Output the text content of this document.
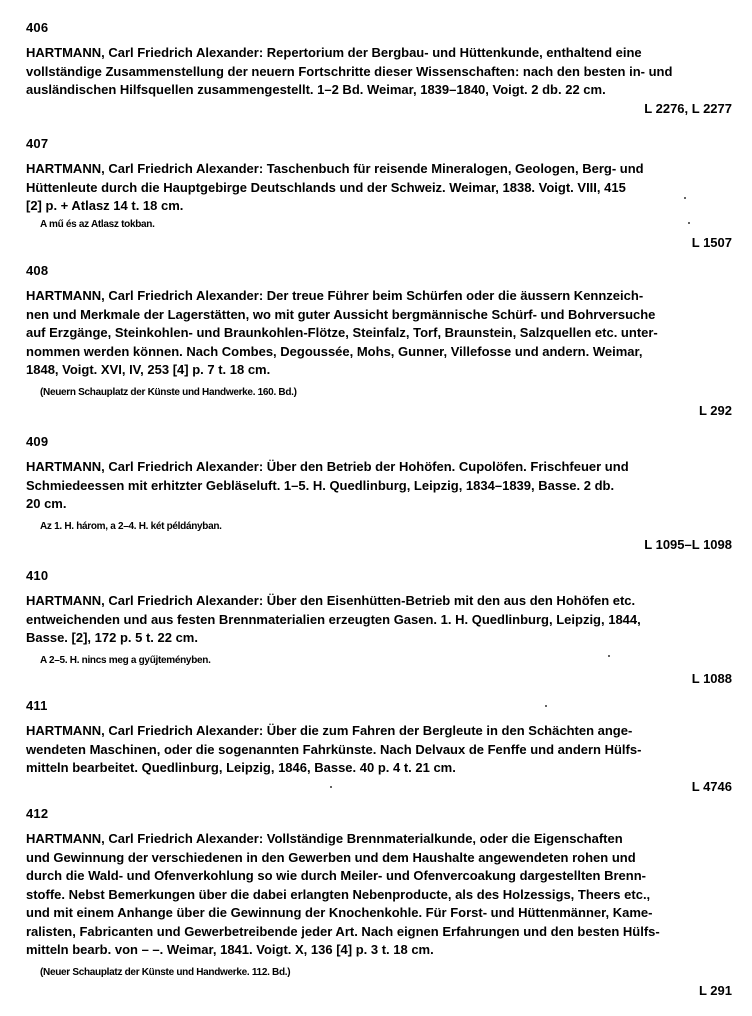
406
HARTMANN, Carl Friedrich Alexander: Repertorium der Bergbau- und Hüttenkunde, enthaltend eine
vollständige Zusammenstellung der neuern Fortschritte dieser Wissenschaften: nach den besten in- und
ausländischen Hilfsquellen zusammengestellt. 1–2 Bd. Weimar, 1839–1840, Voigt. 2 db. 22 cm.
L 2276, L 2277
407
HARTMANN, Carl Friedrich Alexander: Taschenbuch für reisende Mineralogen, Geologen, Berg- und
Hüttenleute durch die Hauptgebirge Deutschlands und der Schweiz. Weimar, 1838. Voigt. VIII, 415
[2] p. + Atlasz 14 t. 18 cm.
A mű és az Atlasz tokban.
L 1507
408
HARTMANN, Carl Friedrich Alexander: Der treue Führer beim Schürfen oder die äussern Kennzeich-
nen und Merkmale der Lagerstätten, wo mit guter Aussicht bergmännische Schürf- und Bohrversuche
auf Erzgänge, Steinkohlen- und Braunkohlen-Flötze, Steinfalz, Torf, Braunstein, Salzquellen etc. unter-
nommen werden können. Nach Combes, Degoussée, Mohs, Gunner, Villefosse und andern. Weimar,
1848, Voigt. XVI, IV, 253 [4] p. 7 t. 18 cm.
(Neuern Schauplatz der Künste und Handwerke. 160. Bd.)
L 292
409
HARTMANN, Carl Friedrich Alexander: Über den Betrieb der Hohöfen. Cupolöfen. Frischfeuer und
Schmiedeessen mit erhitzter Gebläseluft. 1–5. H. Quedlinburg, Leipzig, 1834–1839, Basse. 2 db.
20 cm.
Az 1. H. három, a 2–4. H. két példányban.
L 1095–L 1098
410
HARTMANN, Carl Friedrich Alexander: Über den Eisenhütten-Betrieb mit den aus den Hohöfen etc.
entweichenden und aus festen Brennmaterialien erzeugten Gasen. 1. H. Quedlinburg, Leipzig, 1844,
Basse. [2], 172 p. 5 t. 22 cm.
A 2–5. H. nincs meg a gyűjteményben.
L 1088
411
HARTMANN, Carl Friedrich Alexander: Über die zum Fahren der Bergleute in den Schächten ange-
wendeten Maschinen, oder die sogenannten Fahrkünste. Nach Delvaux de Fenffe und andern Hülfs-
mitteln bearbeitet. Quedlinburg, Leipzig, 1846, Basse. 40 p. 4 t. 21 cm.
L 4746
412
HARTMANN, Carl Friedrich Alexander: Vollständige Brennmaterialkunde, oder die Eigenschaften
und Gewinnung der verschiedenen in den Gewerben und dem Haushalte angewendeten rohen und
durch die Wald- und Ofenverkohlung so wie durch Meiler- und Ofenvercoakung dargestellten Brenn-
stoffe. Nebst Bemerkungen über die dabei erlangten Nebenproducte, als des Holzessigs, Theers etc.,
und mit einem Anhange über die Gewinnung der Knochenkohle. Für Forst- und Hüttenmänner, Kame-
ralisten, Fabricanten und Gewerbetreibende jeder Art. Nach eignen Erfahrungen und den besten Hülfs-
mitteln bearb. von – –. Weimar, 1841. Voigt. X, 136 [4] p. 3 t. 18 cm.
(Neuer Schauplatz der Künste und Handwerke. 112. Bd.)
L 291
